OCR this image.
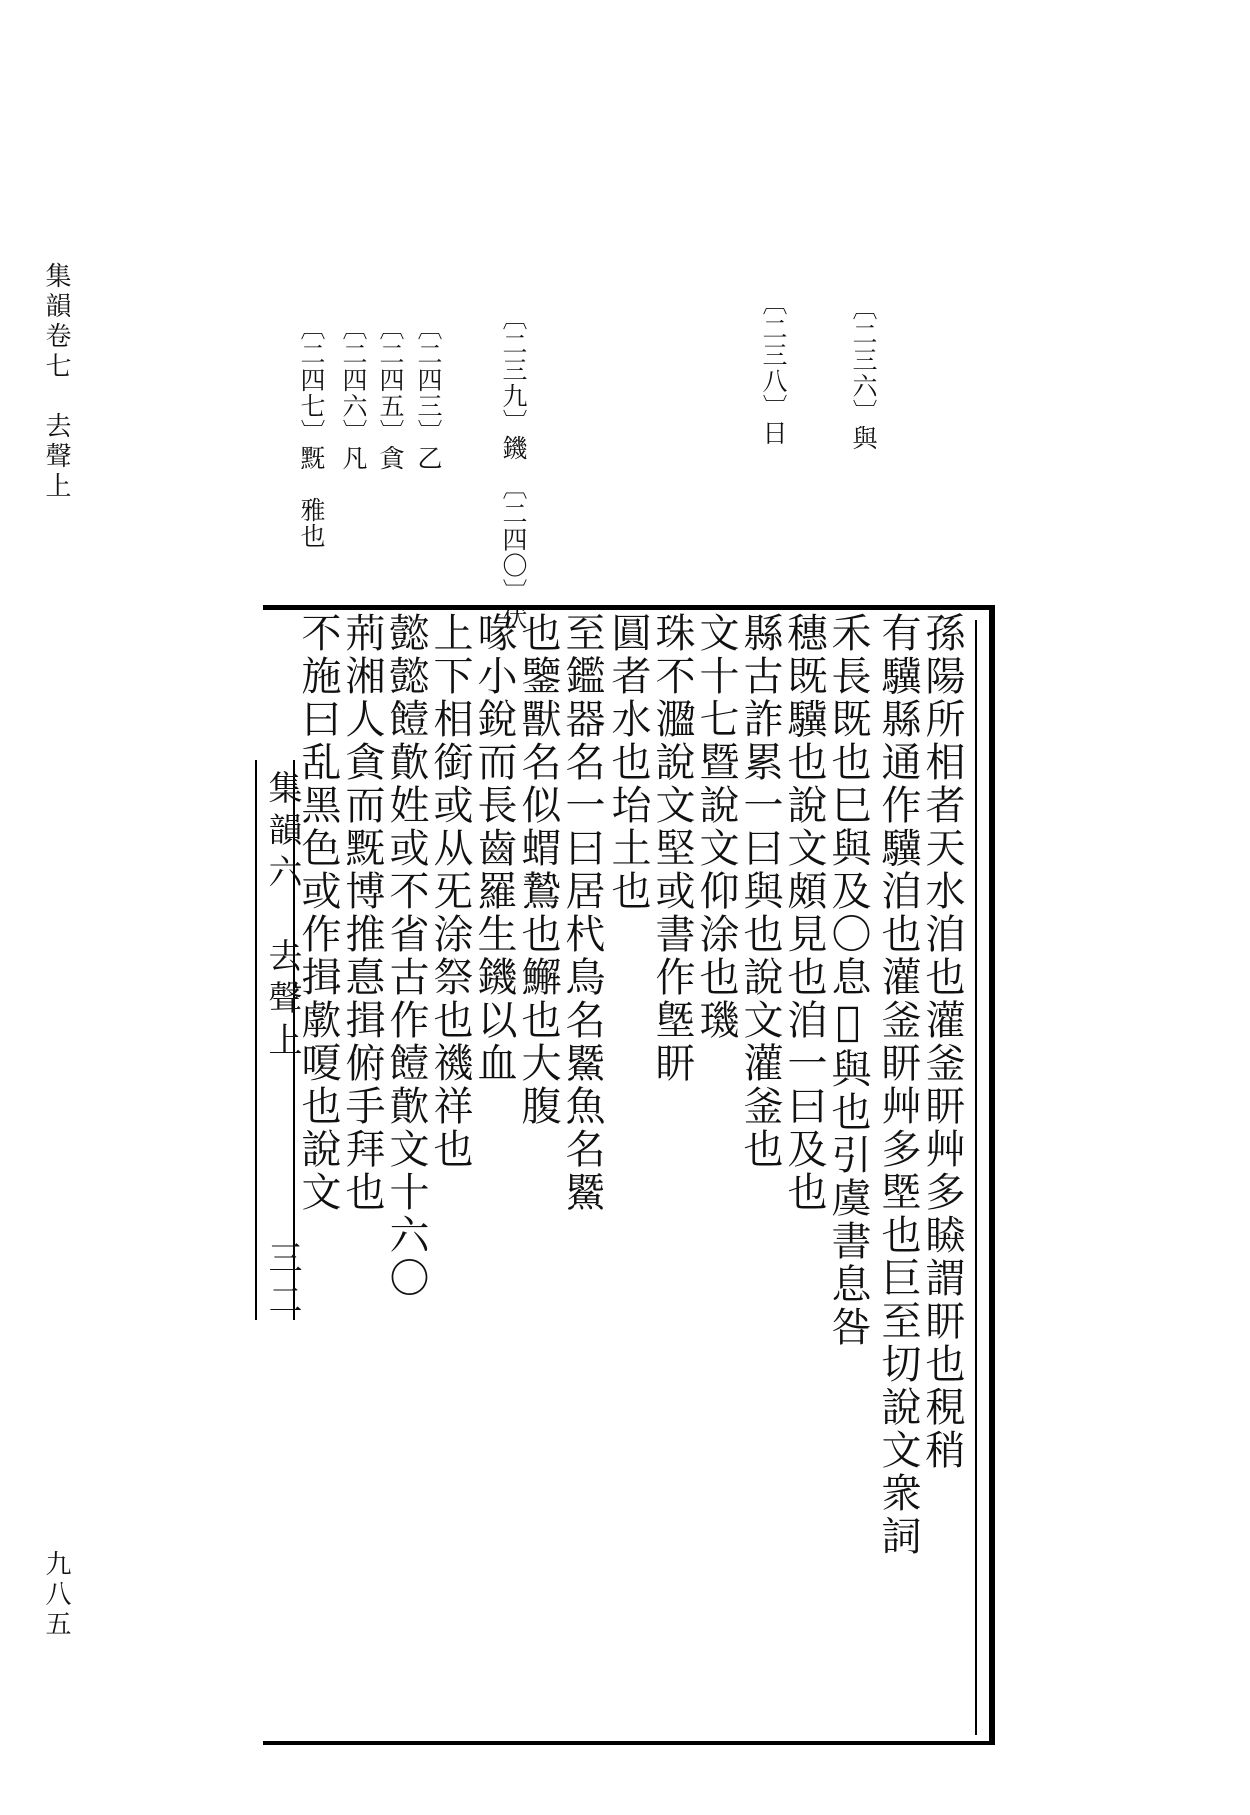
集韻卷七　去聲上
九八五
〔二三六〕與
〔二三八〕日
〔二三九〕鐖　〔二四〇〕伏
〔二四三〕乙
〔二四五〕貪
〔二四六〕凡
〔二四七〕黖　雅也
孫陽所相者天水洎也灌釜䀘艸多䁭謂䀘也䅐稍
有驥縣通作驥洎也灌釜䀘艸多塈也巨至切說文衆詞
禾長既也巳與及〇息𣪦與也引虞書息咎
穗既驥也說文頗見也洎一曰及也
縣古詐累一曰與也說文灌釜也
文十七暨說文仰涂也璣
珠不㵬說文堅或書作墍䀘
圓者水也坮土也
至鑑器名一曰居杙鳥名鱀魚名鱀
也鑒獸名似蝟鷙也䲒也大腹
喙小銳而長齒羅生鐖以血
上下相銜或从旡涂祭也禨祥也
懿懿饐歕姓或不省古作饐歕文十六〇
荊湘人貪而黖博推惪揖俯手拜也
不施曰乱黑色或作揖歑嗄也說文
集韻六　去聲上
三二
